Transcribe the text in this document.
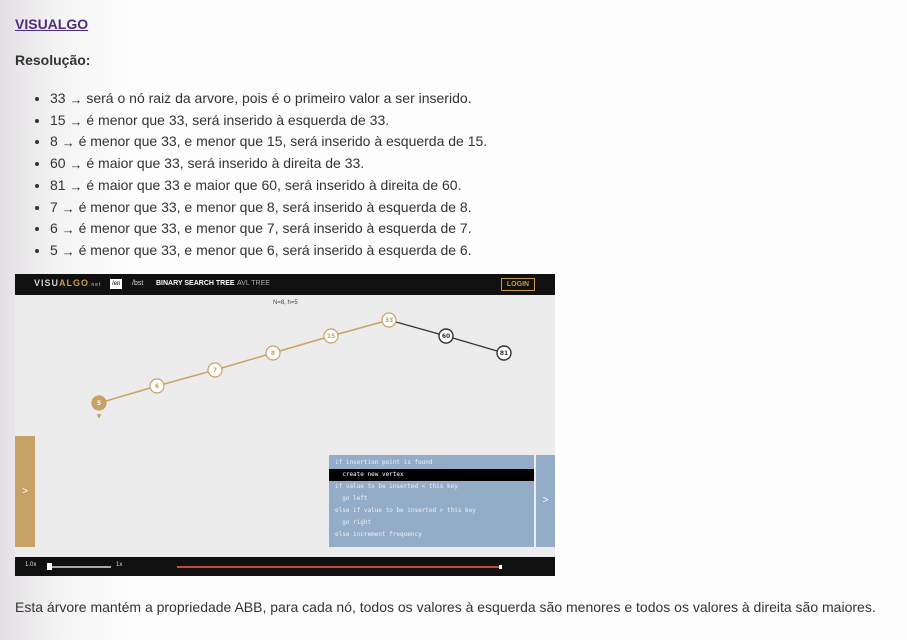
VISUALGO
Resolução:
• 33 → será o nó raiz da arvore, pois é o primeiro valor a ser inserido.
• 15 → é menor que 33, será inserido à esquerda de 33.
• 8 → é menor que 33, e menor que 15, será inserido à esquerda de 15.
• 60 → é maior que 33, será inserido à direita de 33.
• 81 → é maior que 33 e maior que 60, será inserido à direita de 60.
• 7 → é menor que 33, e menor que 8, será inserido à esquerda de 8.
• 6 → é menor que 33, e menor que 7, será inserido à esquerda de 7.
• 5 → é menor que 33, e menor que 6, será inserido à esquerda de 6.
VISUALGO.net	/en /bst BINARY SEARCH TREE AVL TREE	LOGIN
N=8, h=5
5
6
7
8
15
33
60
81
▼
>
if insertion point is found
create new vertex
if value to be inserted < this key
go left
else if value to be inserted > this key
go right
else increment frequency
>
1.0x	1x
Esta árvore mantém a propriedade ABB, para cada nó, todos os valores à esquerda são menores e todos os valores à direita são maiores.
